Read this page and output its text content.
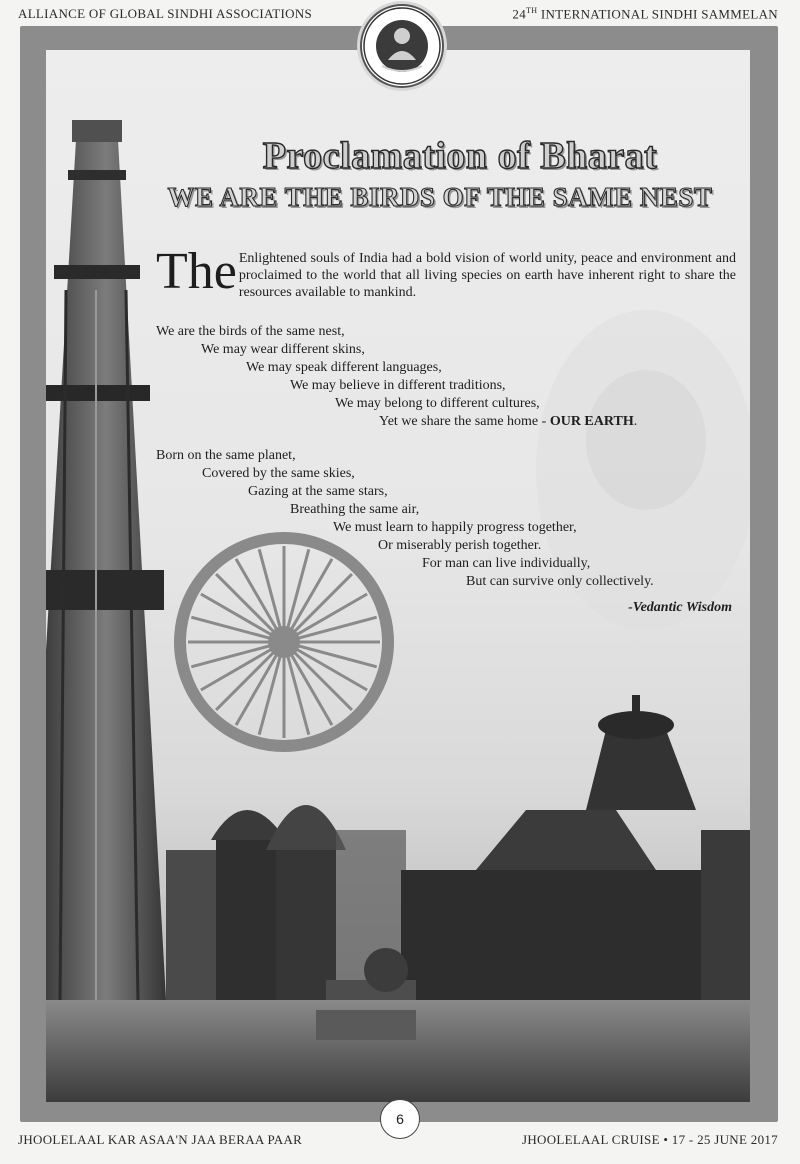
ALLIANCE OF GLOBAL SINDHI ASSOCIATIONS	24TH INTERNATIONAL SINDHI SAMMELAN
Proclamation of Bharat
WE ARE THE BIRDS OF THE SAME NEST
The Enlightened souls of India had a bold vision of world unity, peace and environment and proclaimed to the world that all living species on earth have inherent right to share the resources available to mankind.
We are the birds of the same nest,
We may wear different skins,
We may speak different languages,
We may believe in different traditions,
We may belong to different cultures,
Yet we share the same home - OUR EARTH.
Born on the same planet,
Covered by the same skies,
Gazing at the same stars,
Breathing the same air,
We must learn to happily progress together,
Or miserably perish together.
For man can live individually,
But can survive only collectively.
-Vedantic Wisdom
6
JHOOLELAAL KAR ASAA'N JAA BERAA PAAR	JHOOLELAAL CRUISE • 17 - 25 JUNE 2017
